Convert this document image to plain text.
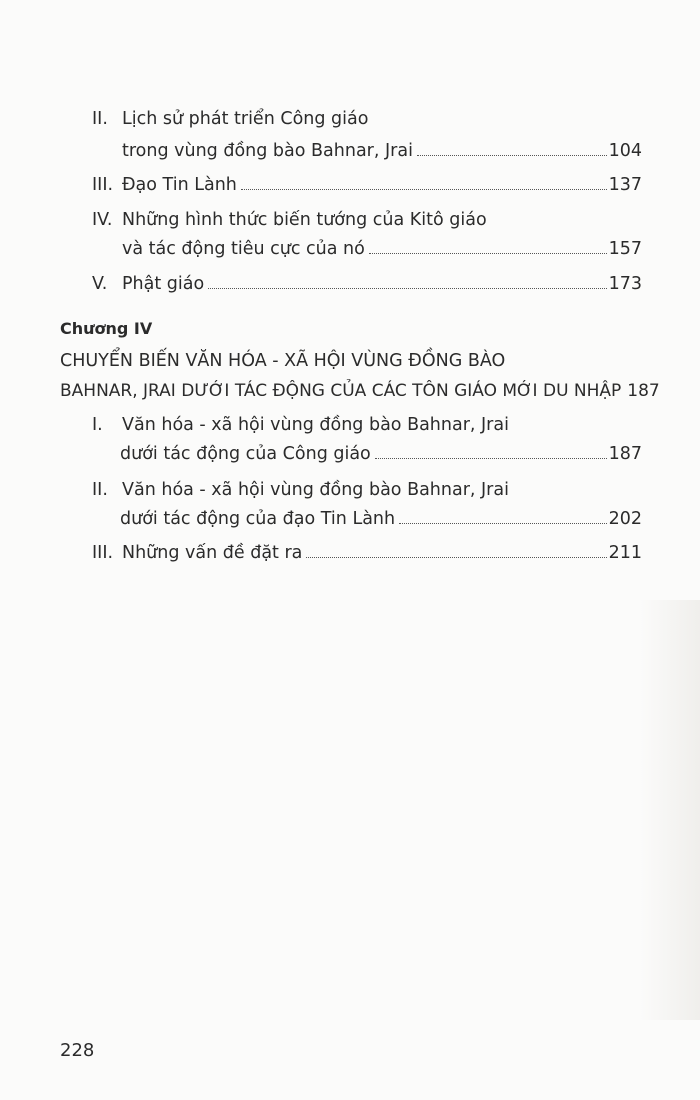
II. Lịch sử phát triển Công giáo
trong vùng đồng bào Bahnar, Jrai	104
III. Đạo Tin Lành	137
IV. Những hình thức biến tướng của Kitô giáo
và tác động tiêu cực của nó	157
V. Phật giáo	173
Chương IV
CHUYỂN BIẾN VĂN HÓA - XÃ HỘI VÙNG ĐỒNG BÀO
BAHNAR, JRAI DƯỚI TÁC ĐỘNG CỦA CÁC TÔN GIÁO MỚI DU NHẬP 187
I.	Văn hóa - xã hội vùng đồng bào Bahnar, Jrai
dưới tác động của Công giáo	187
II. Văn hóa - xã hội vùng đồng bào Bahnar, Jrai
dưới tác động của đạo Tin Lành	202
III. Những vấn đề đặt ra	211
228
